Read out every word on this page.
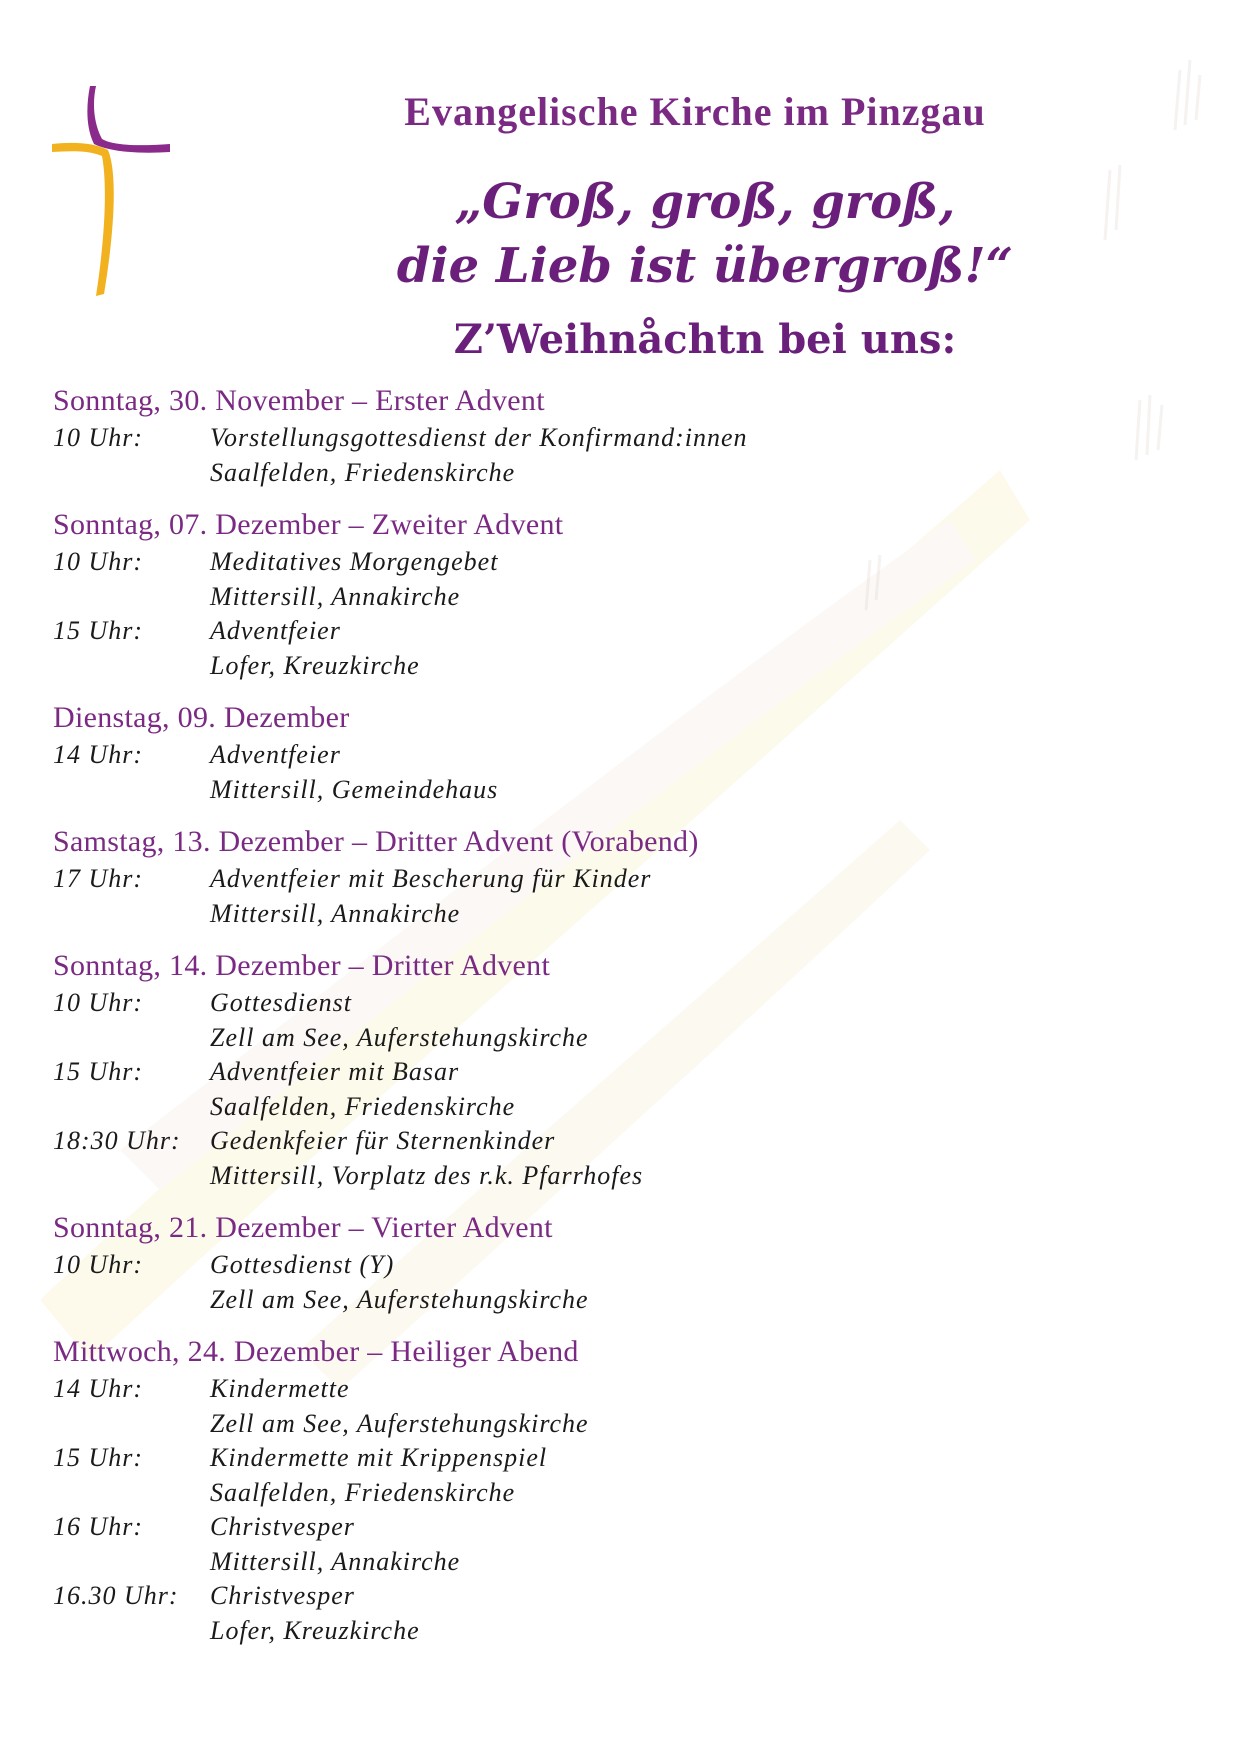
Evangelische Kirche im Pinzgau
„Groß, groß, groß,
die Lieb ist übergroß!“
Z’Weihnåchtn bei uns:
Sonntag, 30. November – Erster Advent
10 Uhr:	Vorstellungsgottesdienst der Konfirmand:innen
Saalfelden, Friedenskirche
Sonntag, 07. Dezember – Zweiter Advent
10 Uhr:	Meditatives Morgengebet
Mittersill, Annakirche
15 Uhr:	Adventfeier
Lofer, Kreuzkirche
Dienstag, 09. Dezember
14 Uhr:	Adventfeier
Mittersill, Gemeindehaus
Samstag, 13. Dezember – Dritter Advent (Vorabend)
17 Uhr:	Adventfeier mit Bescherung für Kinder
Mittersill, Annakirche
Sonntag, 14. Dezember – Dritter Advent
10 Uhr:	Gottesdienst
Zell am See, Auferstehungskirche
15 Uhr:	Adventfeier mit Basar
Saalfelden, Friedenskirche
18:30 Uhr:	Gedenkfeier für Sternenkinder
Mittersill, Vorplatz des r.k. Pfarrhofes
Sonntag, 21. Dezember – Vierter Advent
10 Uhr:	Gottesdienst (Y)
Zell am See, Auferstehungskirche
Mittwoch, 24. Dezember – Heiliger Abend
14 Uhr:	Kindermette
Zell am See, Auferstehungskirche
15 Uhr:	Kindermette mit Krippenspiel
Saalfelden, Friedenskirche
16 Uhr:	Christvesper
Mittersill, Annakirche
16.30 Uhr:	Christvesper
Lofer, Kreuzkirche
